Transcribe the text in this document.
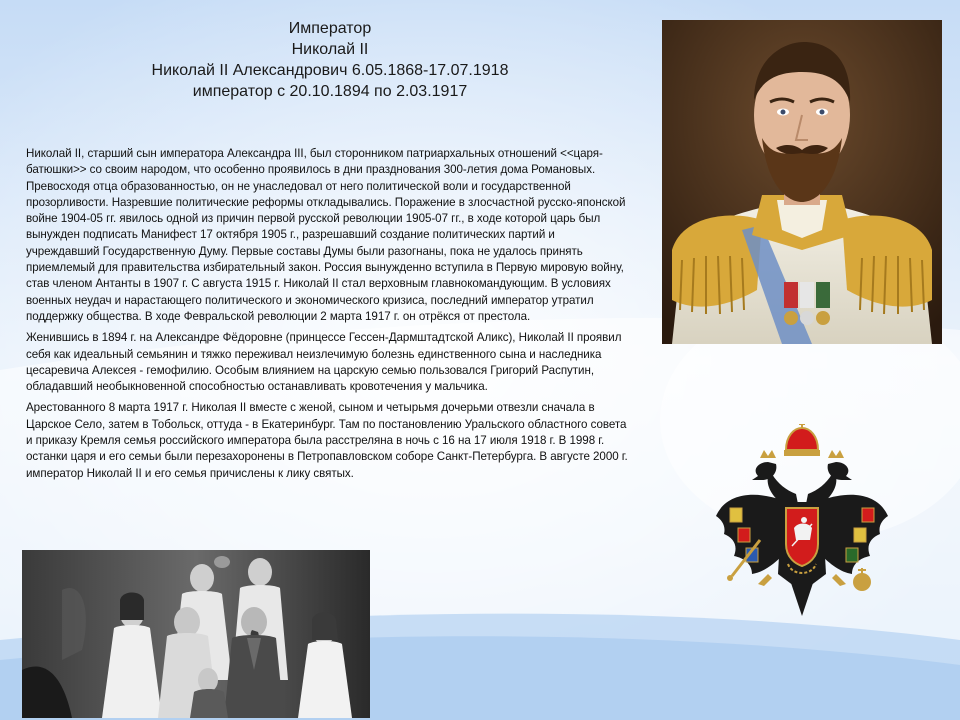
Император
Николай II
Николай II Александрович 6.05.1868-17.07.1918
император с 20.10.1894 по 2.03.1917

Николай II, старший сын императора Александра III, был сторонником патриархальных отношений <<царя-батюшки>> со своим народом, что особенно проявилось в дни празднования 300-летия дома Романовых. Превосходя отца образованностью, он не унаследовал от него политической воли и государственной прозорливости. Назревшие политические реформы откладывались. Поражение в злосчастной русско-японской войне 1904-05 гг. явилось одной из причин первой русской революции 1905-07 гг., в ходе которой царь был вынужден подписать Манифест 17 октября 1905 г., разрешавший создание политических партий и учреждавший Государственную Думу. Первые составы Думы были разогнаны, пока не удалось принять приемлемый для правительства избирательный закон. Россия вынужденно вступила в Первую мировую войну, став членом Антанты в 1907 г. С августа 1915 г. Николай II стал верховным главнокомандующим. В условиях военных неудач и нарастающего политического и экономического кризиса, последний император утратил поддержку общества. В ходе Февральской революции 2 марта 1917 г. он отрёкся от престола.

Женившись в 1894 г. на Александре Фёдоровне (принцессе Гессен-Дармштадтской Аликс), Николай II проявил себя как идеальный семьянин и тяжко переживал неизлечимую болезнь единственного сына и наследника цесаревича Алексея - гемофилию. Особым влиянием на царскую семью пользовался Григорий Распутин, обладавший необыкновенной способностью останавливать кровотечения у мальчика.

Арестованного 8 марта 1917 г. Николая II вместе с женой, сыном и четырьмя дочерьми отвезли сначала в Царское Село, затем в Тобольск, оттуда - в Екатеринбург. Там по постановлению Уральского областного совета и приказу Кремля семья российского императора была расстреляна в ночь с 16 на 17 июля 1918 г. В 1998 г. останки царя и его семьи были перезахоронены в Петропавловском соборе Санкт-Петербурга. В августе 2000 г. император Николай II и его семья причислены к лику святых.
